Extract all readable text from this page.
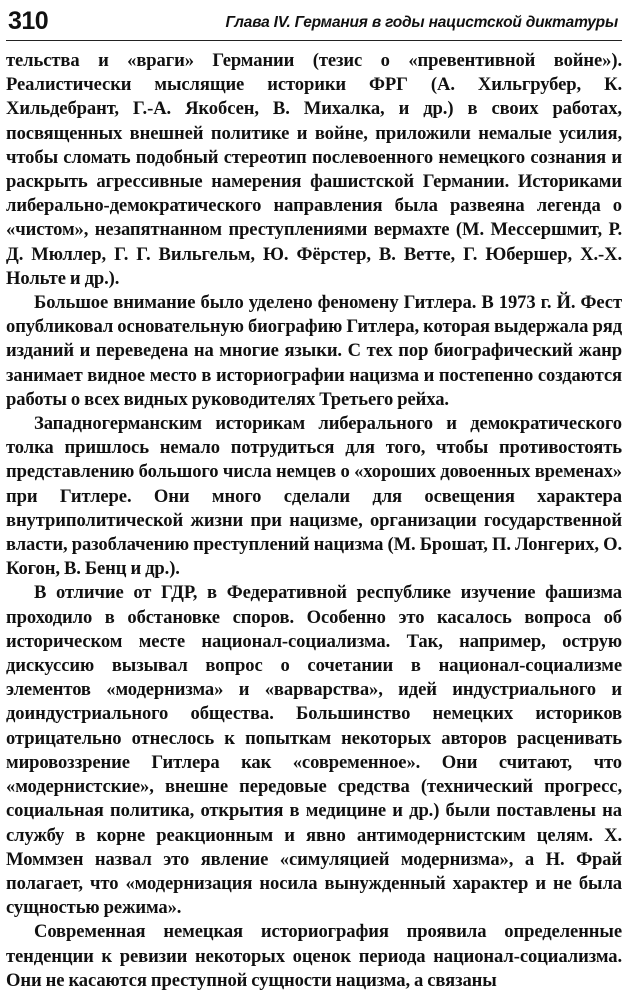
310	Глава IV. Германия в годы нацистской диктатуры

тельства и «враги» Германии (тезис о «превентивной войне»). Реалистически мыслящие историки ФРГ (А. Хильгрубер, К. Хильдебрант, Г.-А. Якобсен, В. Михалка, и др.) в своих работах, посвященных внешней политике и войне, приложили немалые усилия, чтобы сломать подобный стереотип послевоенного немецкого сознания и раскрыть агрессивные намерения фашистской Германии. Историками либерально-демократического направления была развеяна легенда о «чистом», незапятнанном преступлениями вермахте (М. Мессершмит, Р. Д. Мюллер, Г. Г. Вильгельм, Ю. Фёрстер, В. Ветте, Г. Юбершер, Х.-Х. Нольте и др.).

Большое внимание было уделено феномену Гитлера. В 1973 г. Й. Фест опубликовал основательную биографию Гитлера, которая выдержала ряд изданий и переведена на многие языки. С тех пор биографический жанр занимает видное место в историографии нацизма и постепенно создаются работы о всех видных руководителях Третьего рейха.

Западногерманским историкам либерального и демократического толка пришлось немало потрудиться для того, чтобы противостоять представлению большого числа немцев о «хороших довоенных временах» при Гитлере. Они много сделали для освещения характера внутриполитической жизни при нацизме, организации государственной власти, разоблачению преступлений нацизма (М. Брошат, П. Лонгерих, О. Когон, В. Бенц и др.).

В отличие от ГДР, в Федеративной республике изучение фашизма проходило в обстановке споров. Особенно это касалось вопроса об историческом месте национал-социализма. Так, например, острую дискуссию вызывал вопрос о сочетании в национал-социализме элементов «модернизма» и «варварства», идей индустриального и доиндустриального общества. Большинство немецких историков отрицательно отнеслось к попыткам некоторых авторов расценивать мировоззрение Гитлера как «современное». Они считают, что «модернистские», внешне передовые средства (технический прогресс, социальная политика, открытия в медицине и др.) были поставлены на службу в корне реакционным и явно антимодернистским целям. Х. Моммзен назвал это явление «симуляцией модернизма», а Н. Фрай полагает, что «модернизация носила вынужденный характер и не была сущностью режима».

Современная немецкая историография проявила определенные тенденции к ревизии некоторых оценок периода национал-социализма. Они не касаются преступной сущности нацизма, а связаны
